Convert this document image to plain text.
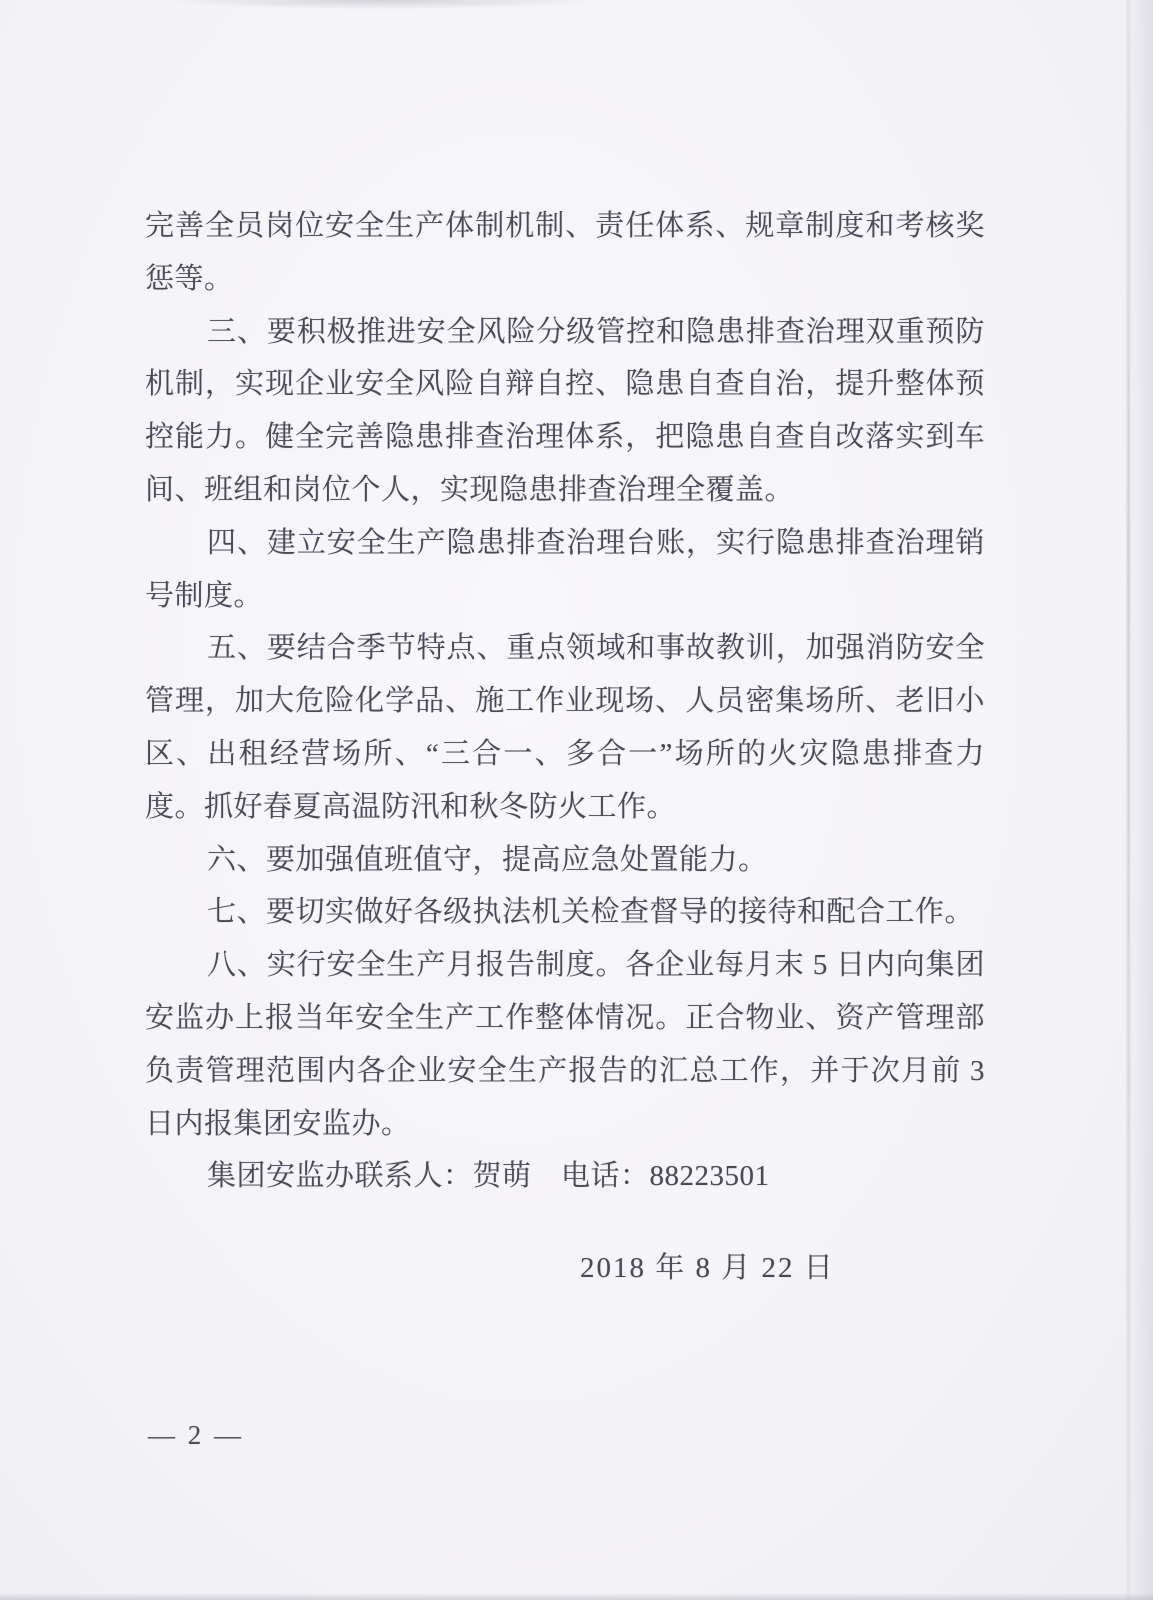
完善全员岗位安全生产体制机制、责任体系、规章制度和考核奖
惩等。
三、要积极推进安全风险分级管控和隐患排查治理双重预防
机制，实现企业安全风险自辩自控、隐患自查自治，提升整体预
控能力。健全完善隐患排查治理体系，把隐患自查自改落实到车
间、班组和岗位个人，实现隐患排查治理全覆盖。
四、建立安全生产隐患排查治理台账，实行隐患排查治理销
号制度。
五、要结合季节特点、重点领域和事故教训，加强消防安全
管理，加大危险化学品、施工作业现场、人员密集场所、老旧小
区、出租经营场所、“三合一、多合一”场所的火灾隐患排查力
度。抓好春夏高温防汛和秋冬防火工作。
六、要加强值班值守，提高应急处置能力。
七、要切实做好各级执法机关检查督导的接待和配合工作。
八、实行安全生产月报告制度。各企业每月末 5 日内向集团
安监办上报当年安全生产工作整体情况。正合物业、资产管理部
负责管理范围内各企业安全生产报告的汇总工作，并于次月前 3
日内报集团安监办。
集团安监办联系人：贺萌　电话：88223501
2018 年 8 月 22 日
— 2 —
